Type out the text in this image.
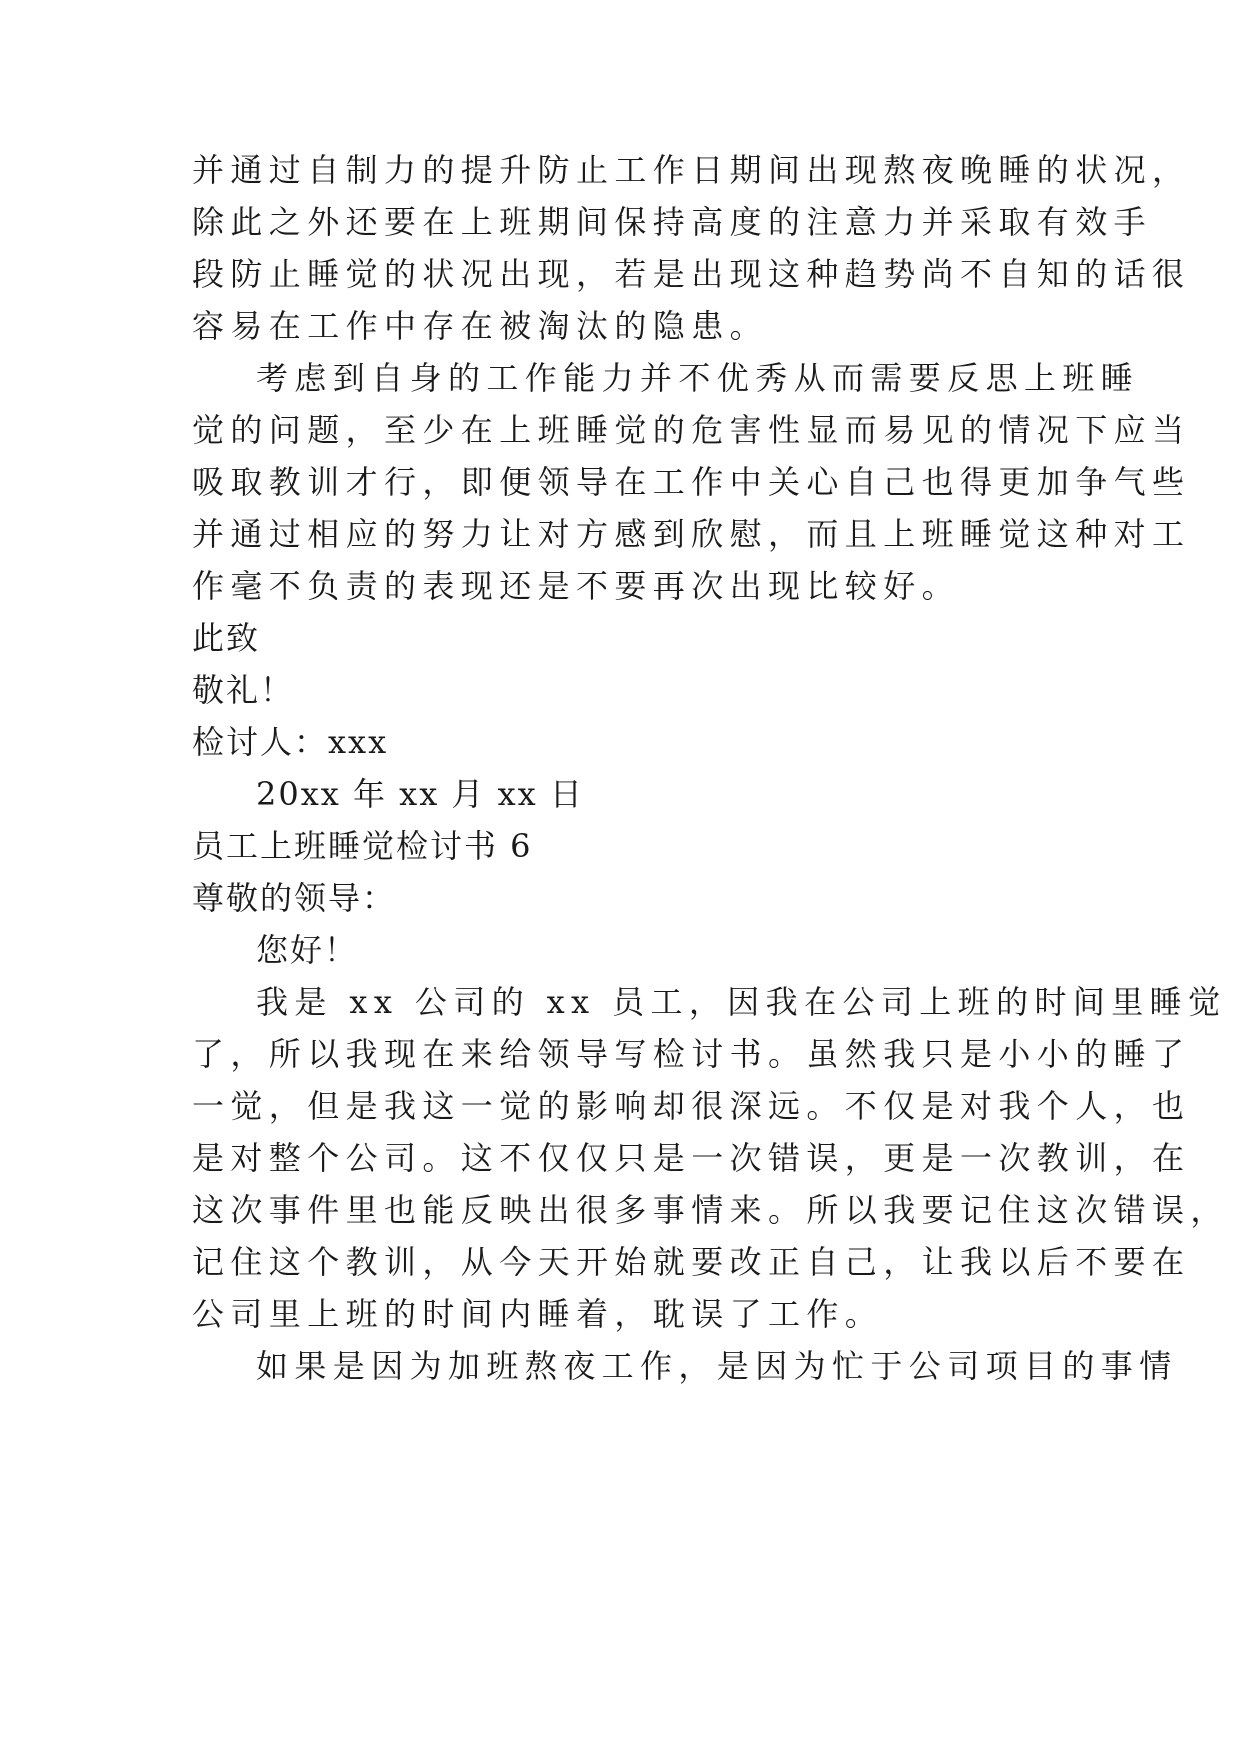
并通过自制力的提升防止工作日期间出现熬夜晚睡的状况，
除此之外还要在上班期间保持高度的注意力并采取有效手
段防止睡觉的状况出现，若是出现这种趋势尚不自知的话很
容易在工作中存在被淘汰的隐患。
考虑到自身的工作能力并不优秀从而需要反思上班睡
觉的问题，至少在上班睡觉的危害性显而易见的情况下应当
吸取教训才行，即便领导在工作中关心自己也得更加争气些
并通过相应的努力让对方感到欣慰，而且上班睡觉这种对工
作毫不负责的表现还是不要再次出现比较好。
此致
敬礼！
检讨人：xxx
20xx 年 xx 月 xx 日
员工上班睡觉检讨书 6
尊敬的领导：
您好！
我是 xx 公司的 xx 员工，因我在公司上班的时间里睡觉
了，所以我现在来给领导写检讨书。虽然我只是小小的睡了
一觉，但是我这一觉的影响却很深远。不仅是对我个人，也
是对整个公司。这不仅仅只是一次错误，更是一次教训，在
这次事件里也能反映出很多事情来。所以我要记住这次错误，
记住这个教训，从今天开始就要改正自己，让我以后不要在
公司里上班的时间内睡着，耽误了工作。
如果是因为加班熬夜工作，是因为忙于公司项目的事情
